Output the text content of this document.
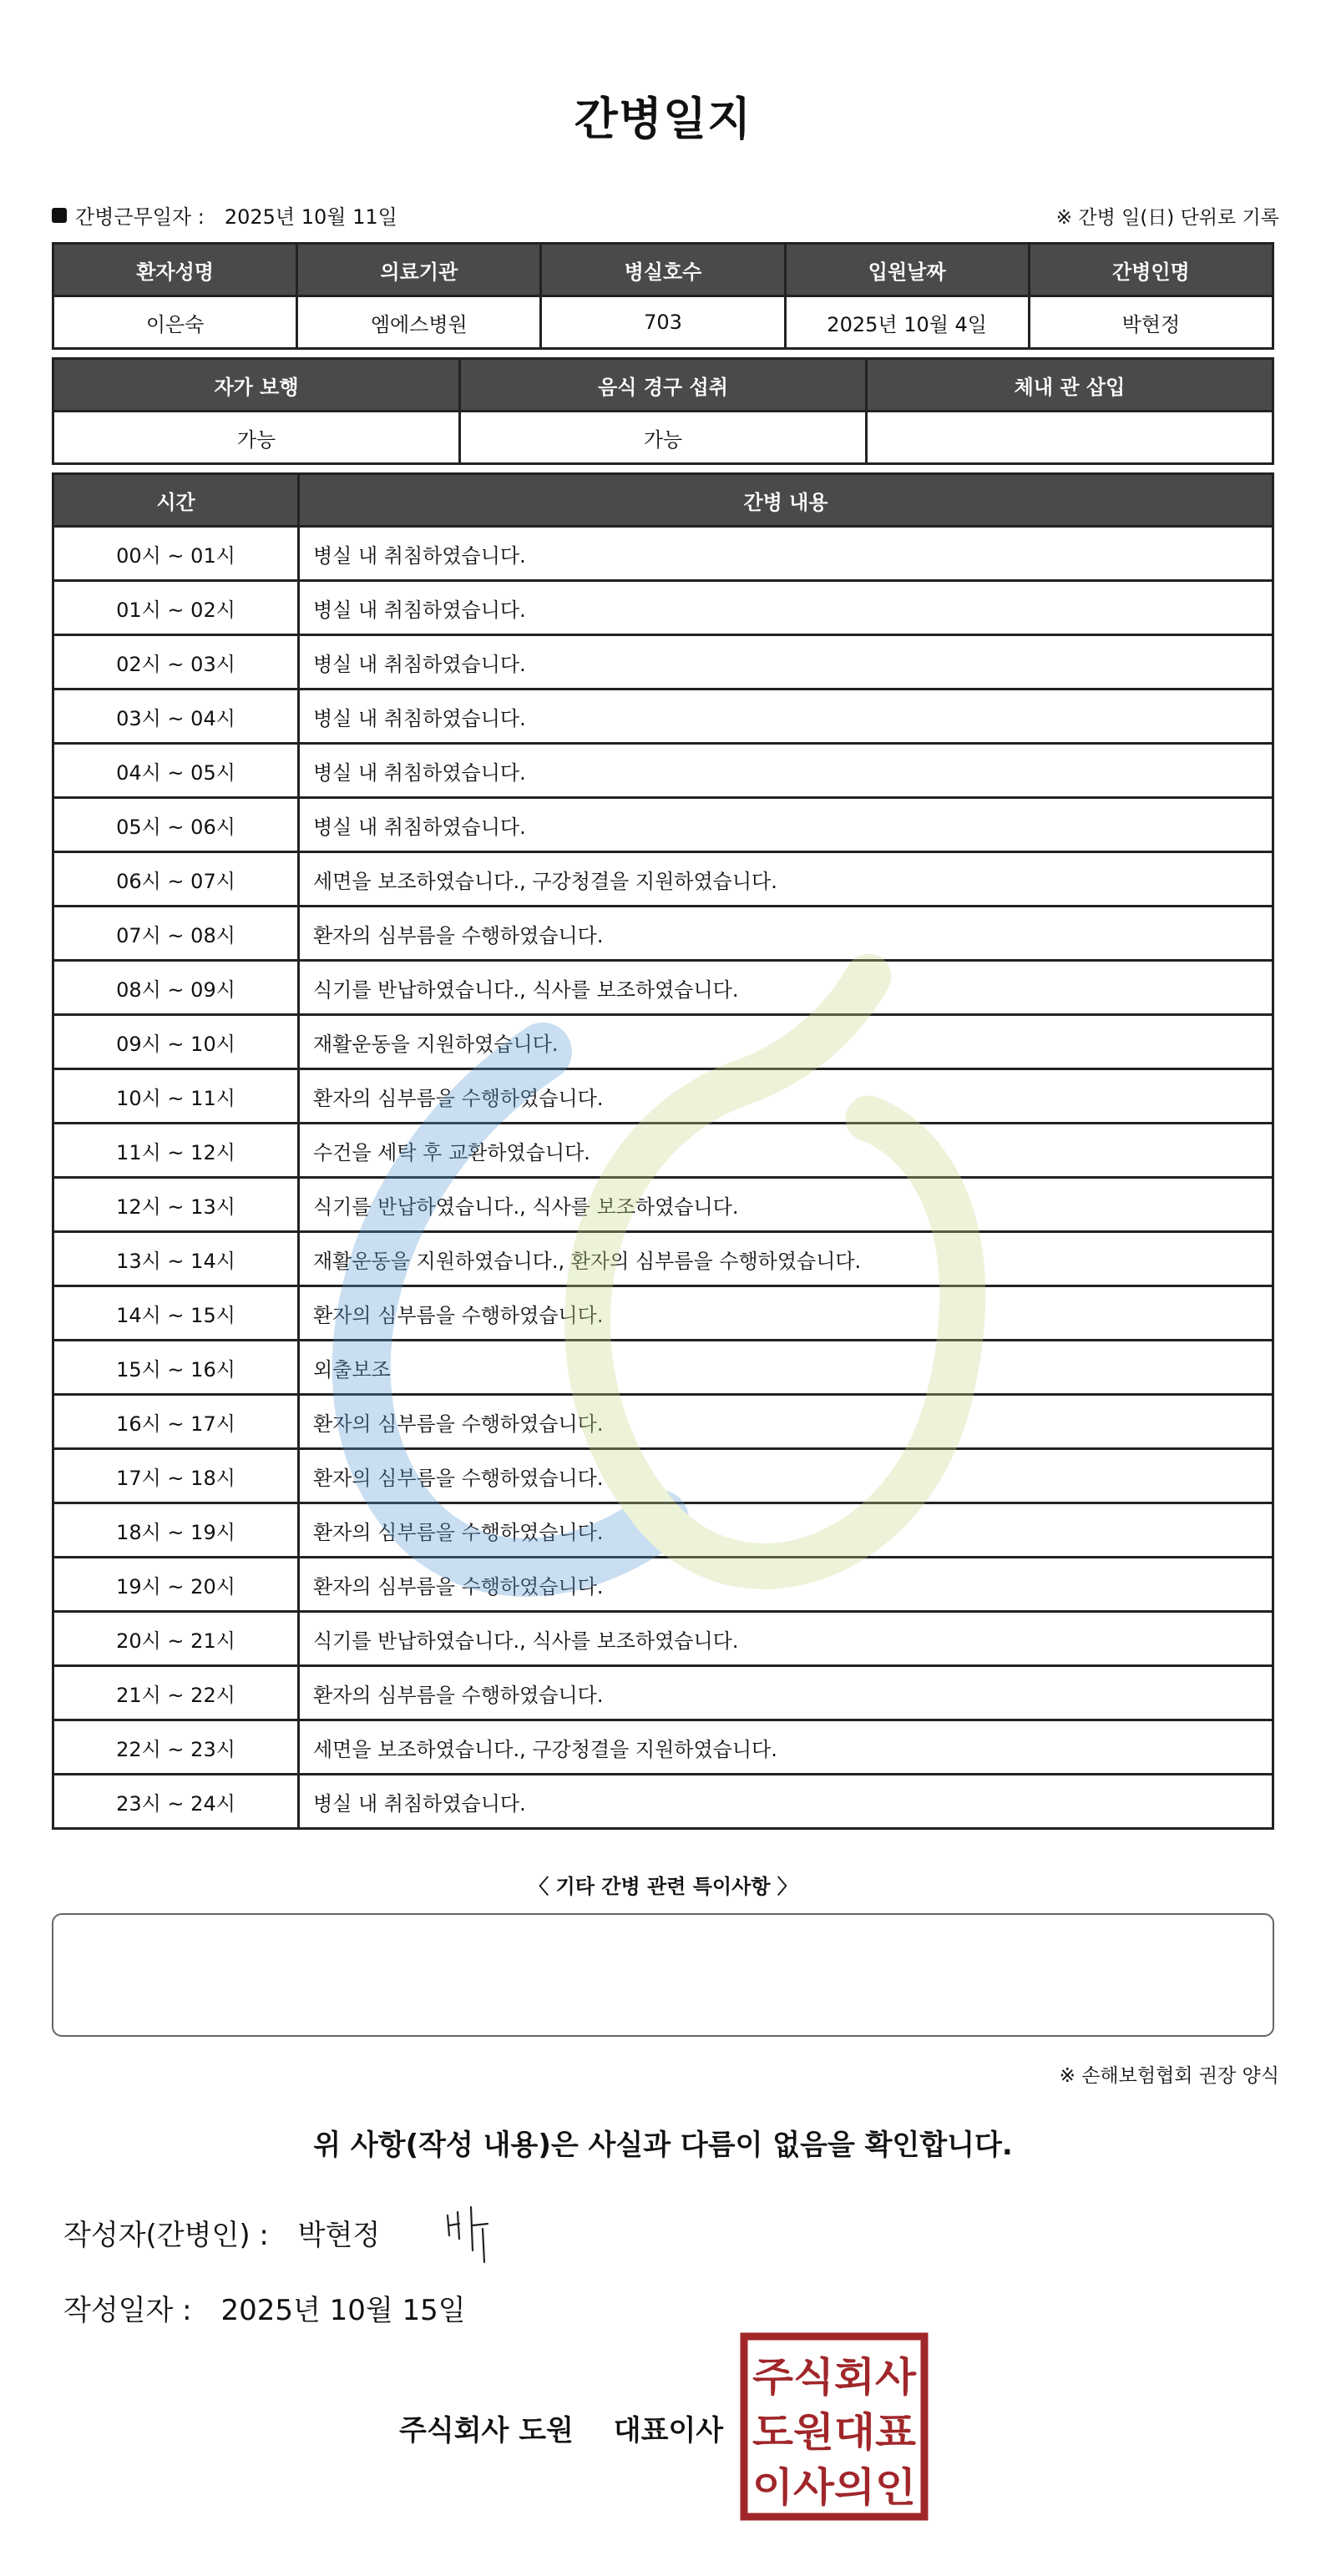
간병일지
간병근무일자 : 2025년 10월 11일	※ 간병 일(日) 단위로 기록
환자성명	의료기관	병실호수	입원날짜	간병인명
이은숙	엠에스병원	703	2025년 10월 4일	박현정
자가 보행	음식 경구 섭취	체내 관 삽입
가능	가능	
시간	간병 내용
00시 ~ 01시	병실 내 취침하였습니다.
01시 ~ 02시	병실 내 취침하였습니다.
02시 ~ 03시	병실 내 취침하였습니다.
03시 ~ 04시	병실 내 취침하였습니다.
04시 ~ 05시	병실 내 취침하였습니다.
05시 ~ 06시	병실 내 취침하였습니다.
06시 ~ 07시	세면을 보조하였습니다., 구강청결을 지원하였습니다.
07시 ~ 08시	환자의 심부름을 수행하였습니다.
08시 ~ 09시	식기를 반납하였습니다., 식사를 보조하였습니다.
09시 ~ 10시	재활운동을 지원하였습니다.
10시 ~ 11시	환자의 심부름을 수행하였습니다.
11시 ~ 12시	수건을 세탁 후 교환하였습니다.
12시 ~ 13시	식기를 반납하였습니다., 식사를 보조하였습니다.
13시 ~ 14시	재활운동을 지원하였습니다., 환자의 심부름을 수행하였습니다.
14시 ~ 15시	환자의 심부름을 수행하였습니다.
15시 ~ 16시	외출보조
16시 ~ 17시	환자의 심부름을 수행하였습니다.
17시 ~ 18시	환자의 심부름을 수행하였습니다.
18시 ~ 19시	환자의 심부름을 수행하였습니다.
19시 ~ 20시	환자의 심부름을 수행하였습니다.
20시 ~ 21시	식기를 반납하였습니다., 식사를 보조하였습니다.
21시 ~ 22시	환자의 심부름을 수행하였습니다.
22시 ~ 23시	세면을 보조하였습니다., 구강청결을 지원하였습니다.
23시 ~ 24시	병실 내 취침하였습니다.
〈 기타 간병 관련 특이사항 〉
※ 손해보험협회 권장 양식
위 사항(작성 내용)은 사실과 다름이 없음을 확인합니다.
작성자(간병인) : 박현정
작성일자 : 2025년 10월 15일
주식회사 도원 대표이사
주식회사
도원대표
이사의인
